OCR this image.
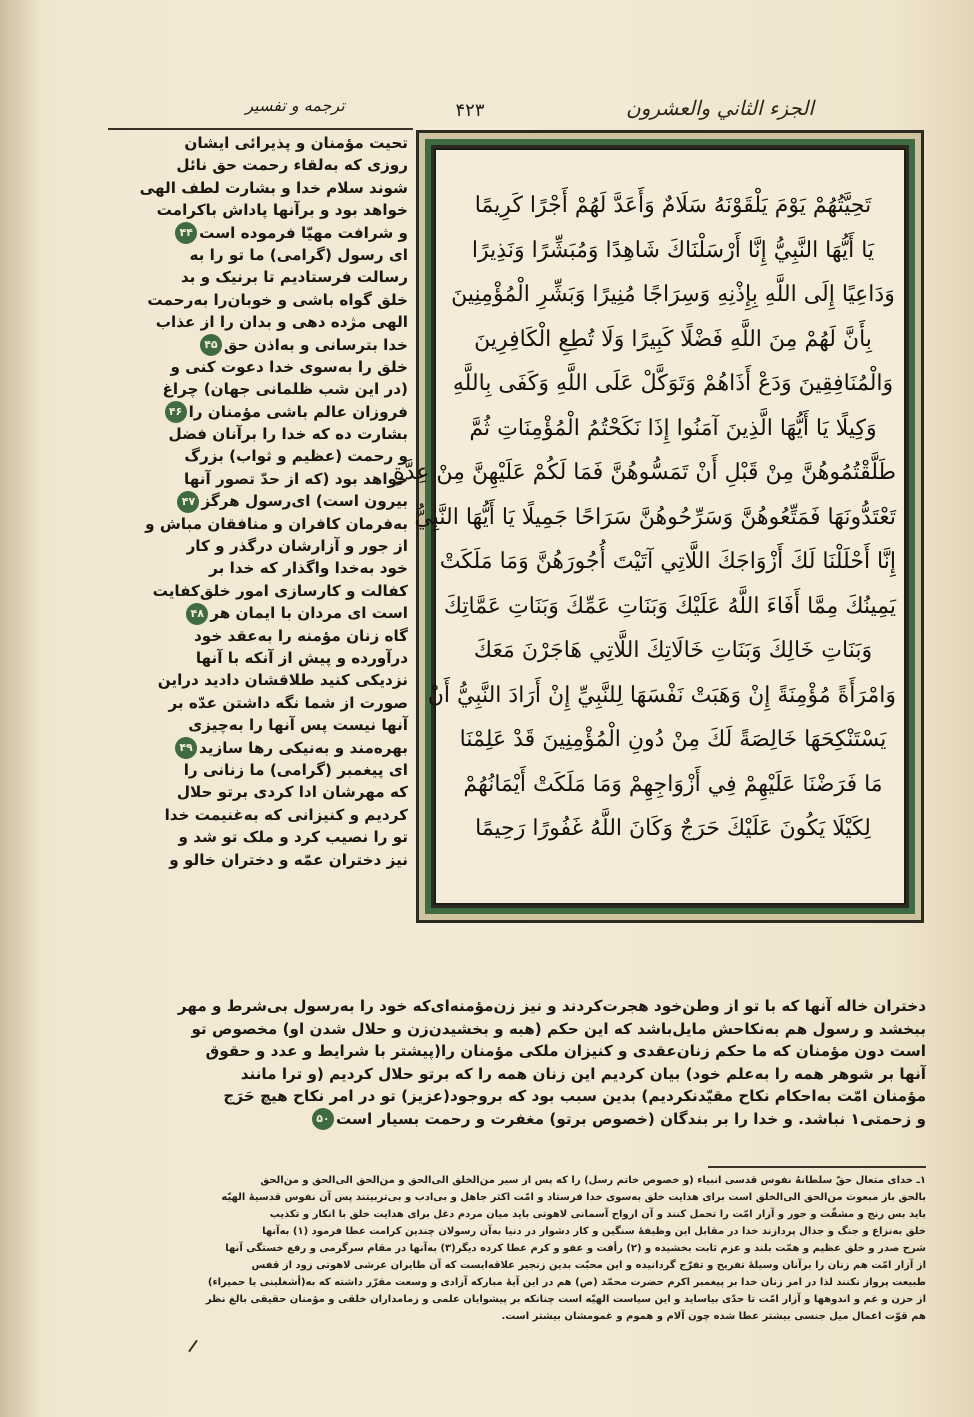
الجزء الثاني والعشرون
۴۲۳
ترجمه و تفسیر
تَحِيَّتُهُمْ يَوْمَ يَلْقَوْنَهُ سَلَامٌ وَأَعَدَّ لَهُمْ أَجْرًا كَرِيمًا
يَا أَيُّهَا النَّبِيُّ إِنَّا أَرْسَلْنَاكَ شَاهِدًا وَمُبَشِّرًا وَنَذِيرًا
وَدَاعِيًا إِلَى اللَّهِ بِإِذْنِهِ وَسِرَاجًا مُنِيرًا وَبَشِّرِ الْمُؤْمِنِينَ
بِأَنَّ لَهُمْ مِنَ اللَّهِ فَضْلًا كَبِيرًا وَلَا تُطِعِ الْكَافِرِينَ
وَالْمُنَافِقِينَ وَدَعْ أَذَاهُمْ وَتَوَكَّلْ عَلَى اللَّهِ وَكَفَى بِاللَّهِ
وَكِيلًا يَا أَيُّهَا الَّذِينَ آمَنُوا إِذَا نَكَحْتُمُ الْمُؤْمِنَاتِ ثُمَّ
طَلَّقْتُمُوهُنَّ مِنْ قَبْلِ أَنْ تَمَسُّوهُنَّ فَمَا لَكُمْ عَلَيْهِنَّ مِنْ عِدَّةٍ
تَعْتَدُّونَهَا فَمَتِّعُوهُنَّ وَسَرِّحُوهُنَّ سَرَاحًا جَمِيلًا يَا أَيُّهَا النَّبِيُّ
إِنَّا أَحْلَلْنَا لَكَ أَزْوَاجَكَ اللَّاتِي آتَيْتَ أُجُورَهُنَّ وَمَا مَلَكَتْ
يَمِينُكَ مِمَّا أَفَاءَ اللَّهُ عَلَيْكَ وَبَنَاتِ عَمِّكَ وَبَنَاتِ عَمَّاتِكَ
وَبَنَاتِ خَالِكَ وَبَنَاتِ خَالَاتِكَ اللَّاتِي هَاجَرْنَ مَعَكَ
وَامْرَأَةً مُؤْمِنَةً إِنْ وَهَبَتْ نَفْسَهَا لِلنَّبِيِّ إِنْ أَرَادَ النَّبِيُّ أَنْ
يَسْتَنْكِحَهَا خَالِصَةً لَكَ مِنْ دُونِ الْمُؤْمِنِينَ قَدْ عَلِمْنَا
مَا فَرَضْنَا عَلَيْهِمْ فِي أَزْوَاجِهِمْ وَمَا مَلَكَتْ أَيْمَانُهُمْ
لِكَيْلَا يَكُونَ عَلَيْكَ حَرَجٌ وَكَانَ اللَّهُ غَفُورًا رَحِيمًا
تحیت مؤمنان و پذیرائی ایشان
روزی که به‌لقاء رحمت حق نائل
شوند سلام خدا و بشارت لطف الهی
خواهد بود و برآنها پاداش باکرامت
و شرافت مهیّا فرموده است۴۴
ای رسول (گرامی) ما تو را به
رسالت فرستادیم تا برنیک و بد
خلق گواه باشی و خوبان‌را به‌رحمت
الهی مژده دهی و بدان را از عذاب
خدا بترسانی و به‌اذن حق۴۵
خلق را به‌سوی خدا دعوت کنی و
(در این شب ظلمانی جهان) چراغ
فروزان عالم باشی مؤمنان را۴۶
بشارت ده که خدا را برآنان فضل
و رحمت (عظیم و ثواب) بزرگ
خواهد بود (که از حدّ تصور آنها
بیرون است) ای‌رسول هرگز۴۷
به‌فرمان کافران و منافقان مباش و
از جور و آزارشان درگذر و کار
خود به‌خدا واگذار که خدا بر
کفالت و کارسازی امور خلق‌کفایت
است ای مردان با ایمان هر۴۸
گاه زنان مؤمنه را به‌عقد خود
درآورده و پیش از آنکه با آنها
نزدیکی کنید طلاقشان دادید دراین
صورت از شما نگه داشتن عدّه بر
آنها نیست پس آنها را به‌چیزی
بهره‌مند و به‌نیکی رها سازید۴۹
ای پیغمبر (گرامی) ما زنانی را
که مهرشان ادا کردی برتو حلال
کردیم و کنیزانی که به‌غنیمت خدا
تو را نصیب کرد و ملک تو شد و
نیز دختران عمّه و دختران خالو و
دختران خاله آنها که با تو از وطن‌خود هجرت‌کردند و نیز زن‌مؤمنه‌ای‌که خود را به‌رسول بی‌شرط و مهر
ببخشد و رسول هم به‌نکاحش مایل‌باشد که این حکم (هبه و بخشیدن‌زن و حلال شدن او) مخصوص تو
است دون مؤمنان که ما حکم زنان‌عقدی و کنیزان ملکی مؤمنان را(پیشتر با شرایط و عدد و حقوق
آنها بر شوهر همه را به‌علم خود) بیان کردیم این زنان همه را که برتو حلال کردیم (و ترا مانند
مؤمنان امّت به‌احکام نکاح مقیّدنکردیم) بدین سبب بود که بروجود(عزیز) تو در امر نکاح هیچ حَرَج
و زحمتی۱ نباشد. و خدا را بر بندگان (خصوص برتو) مغفرت و رحمت بسیار است۵۰
۱ـ خدای متعال حقّ سلطانهُ نفوس قدسی انبیاء (و خصوص خاتم رسل) را که پس از سیر من‌الخلق الی‌الحق و من‌الحق الی‌الحق و من‌الحق
بالحق باز مبعوث من‌الحق الی‌الخلق است برای هدایت خلق به‌سوی خدا فرستاد و امّت اکثر جاهل و بی‌ادب و بی‌تربیتند پس آن نفوس قدسیهٔ الهیّه
باید بس رنج و مشقّت و جور و آزار امّت را تحمل کنند و آن ارواح آسمانی لاهوتی باید میان مردم دغل برای هدایت خلق با انکار و تکذیب
خلق به‌نزاع و جنگ و جدال پردازند خدا در مقابل این وظیفهٔ سنگین و کار دشوار در دنیا به‌آن رسولان چندین کرامت عطا فرمود (۱) به‌آنها
شرح صدر و خلق عظیم و همّت بلند و عزم ثابت بخشیده و (۲) رأفت و عفو و کرم عطا کرده دیگر(۳) به‌آنها در مقام سرگرمی و رفع خستگی آنها
از آزار امّت هم زنان را برآنان وسیلهٔ تفریح و تفرّج گردانیده و این محبّت بدین زنجیر علاقه‌ایست که آن طایران عرشی لاهوتی زود از قفس
طبیعت پرواز نکنند لذا در امر زنان خدا بر پیغمبر اکرم حضرت محمّد (ص) هم در این آیهٔ مبارکه آزادی و وسعت مقرّر داشته که به(أشغلینی یا حمیراء)
از حزن و غم و اندوهها و آزار امّت تا حدّی بیاساید و این سیاست الهیّه است چنانکه بر پیشوایان علمی و زمامداران خلقی و مؤمنان حقیقی بالغ نظر
هم قوّت اعمال میل جنسی بیشتر عطا شده چون آلام و هموم و غمومشان بیشتر است.
